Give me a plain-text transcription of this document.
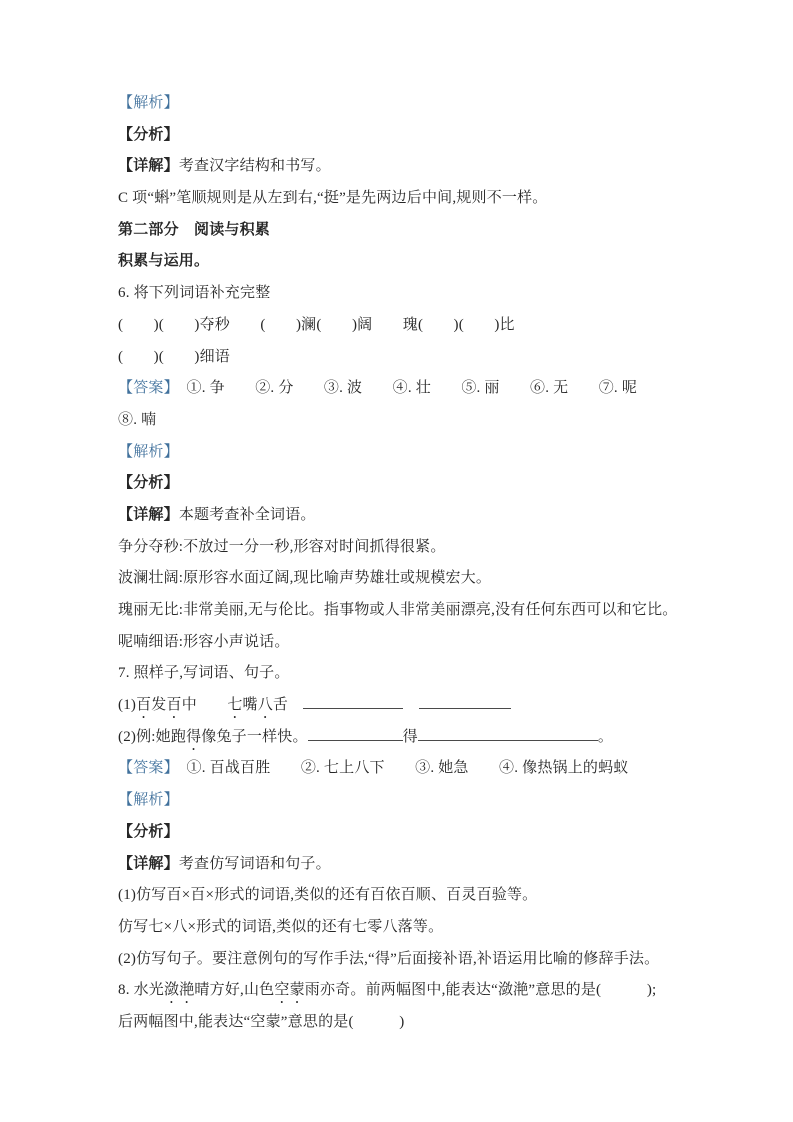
【解析】

【分析】

【详解】考查汉字结构和书写。

C 项“蝌”笔顺规则是从左到右,“挺”是先两边后中间,规则不一样。

第二部分　阅读与积累

积累与运用。

6. 将下列词语补充完整

(　　)(　　)夺秒　　(　　)澜(　　)阔　　瑰(　　)(　　)比

(　　)(　　)细语

【答案】　①. 争　　②. 分　　③. 波　　④. 壮　　⑤. 丽　　⑥. 无　　⑦. 呢

⑧. 喃

【解析】

【分析】

【详解】本题考查补全词语。

争分夺秒:不放过一分一秒,形容对时间抓得很紧。

波澜壮阔:原形容水面辽阔,现比喻声势雄壮或规模宏大。

瑰丽无比:非常美丽,无与伦比。指事物或人非常美丽漂亮,没有任何东西可以和它比。

呢喃细语:形容小声说话。

7. 照样子,写词语、句子。

(1)百发百中　　 七嘴八舌　　

(2)例:她跑得像兔子一样快。	得	。

【答案】　①. 百战百胜　　②. 七上八下　　③. 她急　　④. 像热锅上的蚂蚁

【解析】

【分析】

【详解】考查仿写词语和句子。

(1)仿写百×百×形式的词语,类似的还有百依百顺、百灵百验等。

仿写七×八×形式的词语,类似的还有七零八落等。

(2)仿写句子。要注意例句的写作手法,“得”后面接补语,补语运用比喻的修辞手法。

8. 水光潋滟晴方好,山色空蒙雨亦奇。前两幅图中,能表达“潋滟”意思的是(　　　);

后两幅图中,能表达“空蒙”意思的是(　　　)
